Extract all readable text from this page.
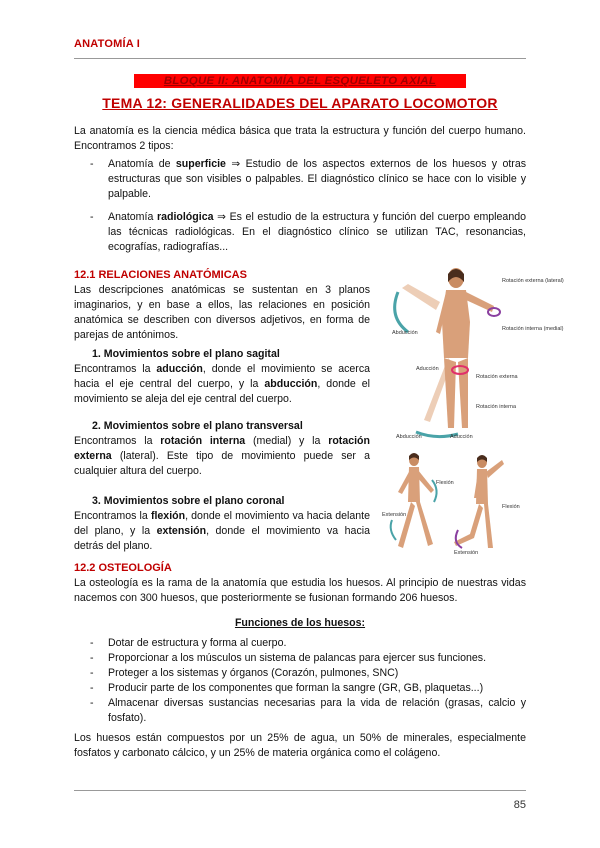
ANATOMÍA I
BLOQUE II: ANATOMÍA DEL ESQUELETO AXIAL
TEMA 12: GENERALIDADES DEL APARATO LOCOMOTOR
La anatomía es la ciencia médica básica que trata la estructura y función del cuerpo humano. Encontramos 2 tipos:
- Anatomía de superficie ⇒ Estudio de los aspectos externos de los huesos y otras estructuras que son visibles o palpables. El diagnóstico clínico se hace con lo visible y palpable.
- Anatomía radiológica ⇒ Es el estudio de la estructura y función del cuerpo empleando las técnicas radiológicas. En el diagnóstico clínico se utilizan TAC, resonancias, ecografías, radiografías...
12.1 RELACIONES ANATÓMICAS
Las descripciones anatómicas se sustentan en 3 planos imaginarios, y en base a ellos, las relaciones en posición anatómica se describen con diversos adjetivos, en forma de parejas de antónimos.
1. Movimientos sobre el plano sagital
Encontramos la aducción, donde el movimiento se acerca hacia el eje central del cuerpo, y la abducción, donde el movimiento se aleja del eje central del cuerpo.
2. Movimientos sobre el plano transversal
Encontramos la rotación interna (medial) y la rotación externa (lateral). Este tipo de movimiento puede ser a cualquier altura del cuerpo.
3. Movimientos sobre el plano coronal
Encontramos la flexión, donde el movimiento va hacia delante del plano, y la extensión, donde el movimiento va hacia detrás del plano.
Rotación externa (lateral)
Rotación interna (medial)
Abducción
Aducción
Rotación externa
Rotación interna
Abducción	Aducción
Flexión
Extensión
Flexión
Extensión
12.2 OSTEOLOGÍA
La osteología es la rama de la anatomía que estudia los huesos. Al principio de nuestras vidas nacemos con 300 huesos, que posteriormente se fusionan formando 206 huesos.
Funciones de los huesos:
- Dotar de estructura y forma al cuerpo.
- Proporcionar a los músculos un sistema de palancas para ejercer sus funciones.
- Proteger a los sistemas y órganos (Corazón, pulmones, SNC)
- Producir parte de los componentes que forman la sangre (GR, GB, plaquetas...)
- Almacenar diversas sustancias necesarias para la vida de relación (grasas, calcio y fosfato).
Los huesos están compuestos por un 25% de agua, un 50% de minerales, especialmente fosfatos y carbonato cálcico, y un 25% de materia orgánica como el colágeno.
85
